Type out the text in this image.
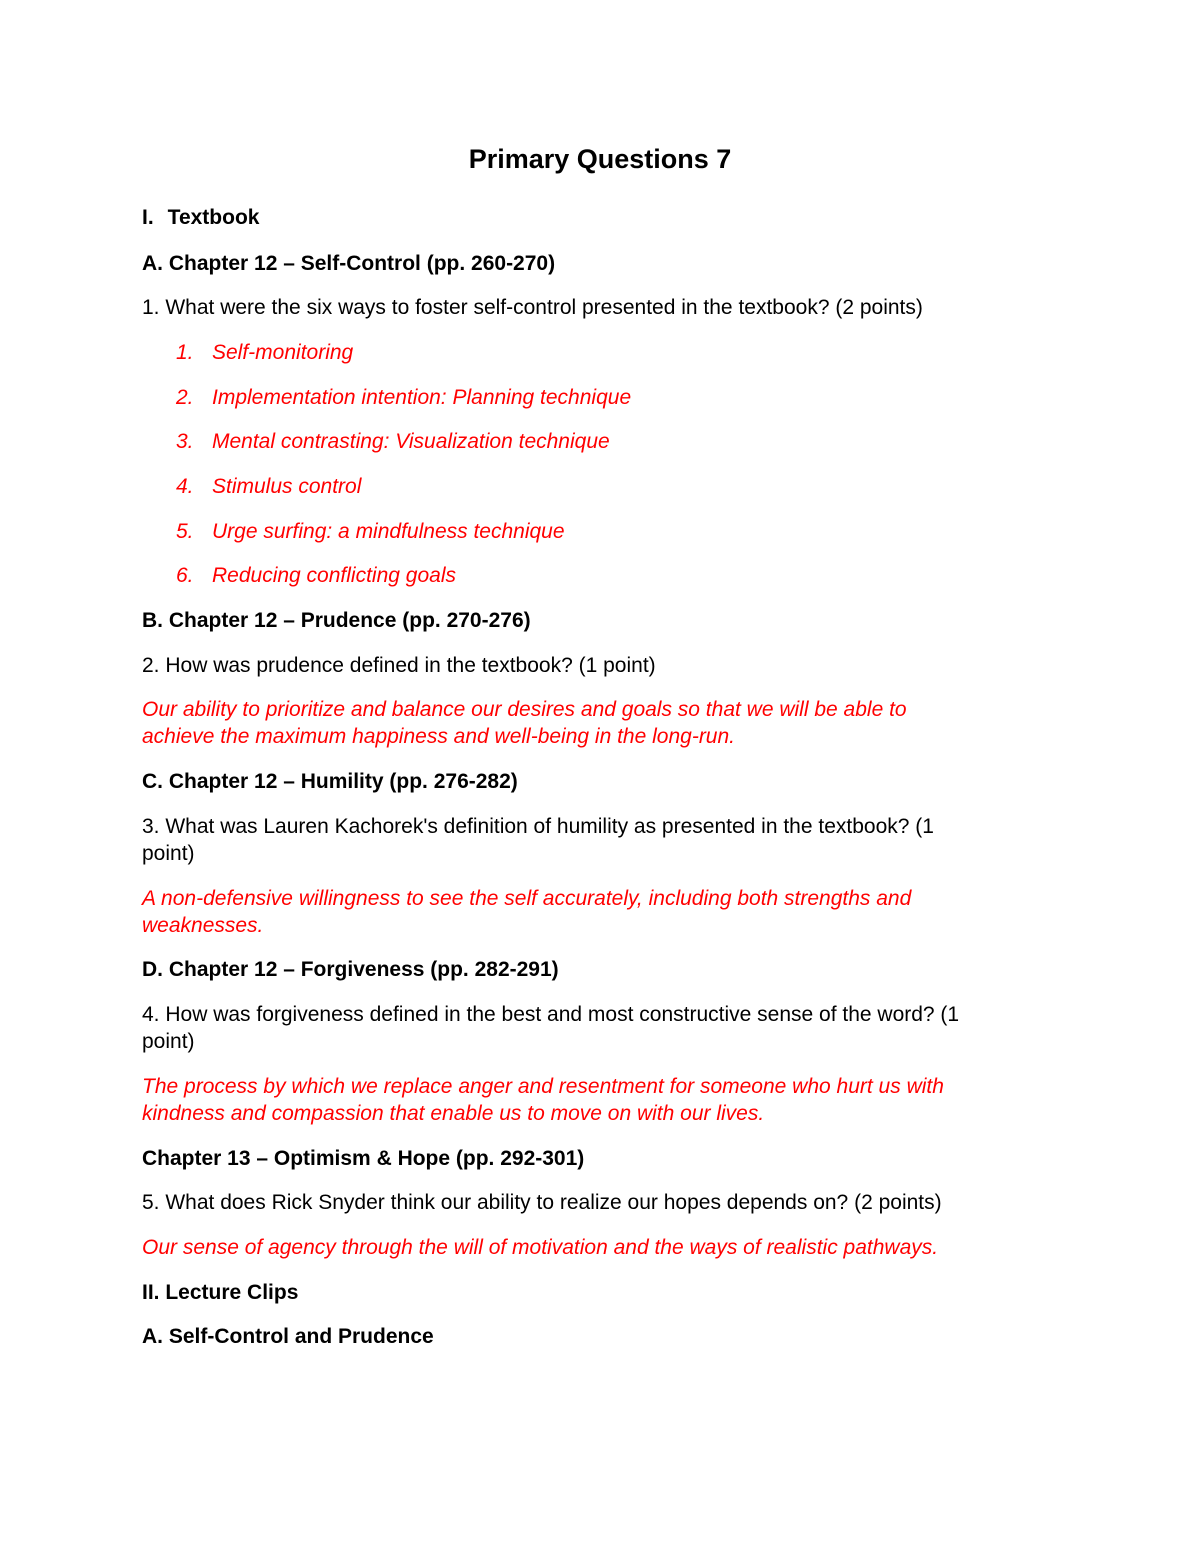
Primary Questions 7
I. Textbook
A. Chapter 12 – Self-Control (pp. 260-270)
1. What were the six ways to foster self-control presented in the textbook? (2 points)
1. Self-monitoring
2. Implementation intention: Planning technique
3. Mental contrasting: Visualization technique
4. Stimulus control
5. Urge surfing: a mindfulness technique
6. Reducing conflicting goals
B. Chapter 12 – Prudence (pp. 270-276)
2. How was prudence defined in the textbook? (1 point)
Our ability to prioritize and balance our desires and goals so that we will be able to
achieve the maximum happiness and well-being in the long-run.
C. Chapter 12 – Humility (pp. 276-282)
3. What was Lauren Kachorek's definition of humility as presented in the textbook? (1
point)
A non-defensive willingness to see the self accurately, including both strengths and
weaknesses.
D. Chapter 12 – Forgiveness (pp. 282-291)
4. How was forgiveness defined in the best and most constructive sense of the word? (1
point)
The process by which we replace anger and resentment for someone who hurt us with
kindness and compassion that enable us to move on with our lives.
Chapter 13 – Optimism & Hope (pp. 292-301)
5. What does Rick Snyder think our ability to realize our hopes depends on? (2 points)
Our sense of agency through the will of motivation and the ways of realistic pathways.
II. Lecture Clips
A. Self-Control and Prudence
